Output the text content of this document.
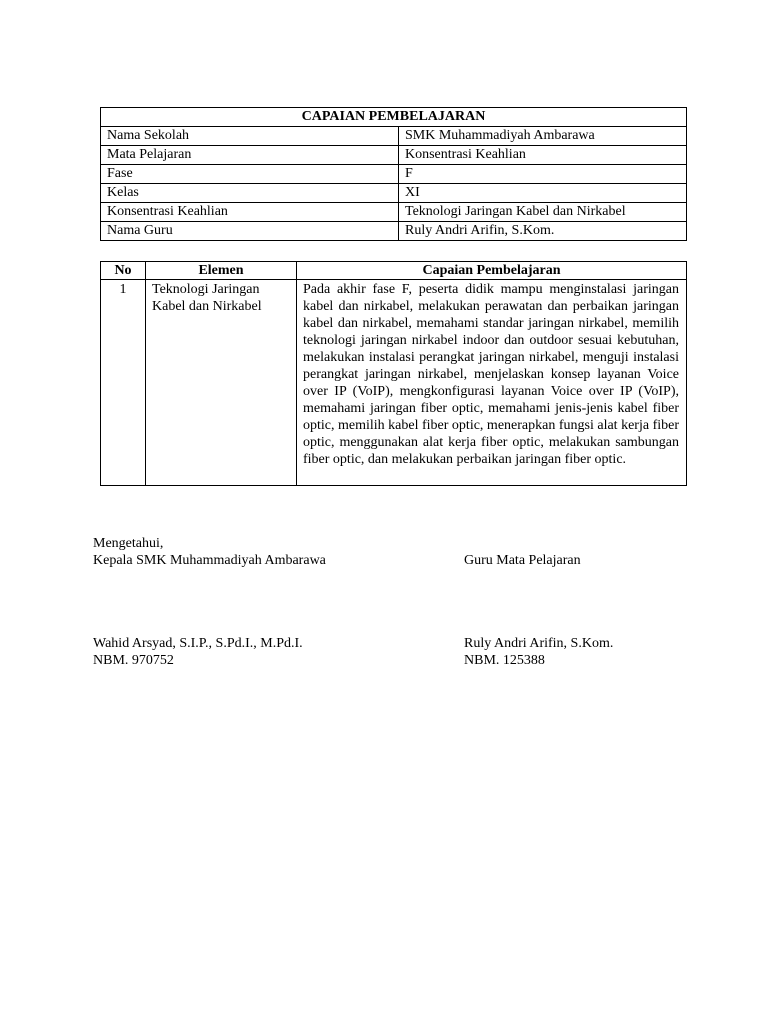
CAPAIAN PEMBELAJARAN	
Nama Sekolah	SMK Muhammadiyah Ambarawa
Mata Pelajaran	Konsentrasi Keahlian
Fase	F
Kelas	XI
Konsentrasi Keahlian	Teknologi Jaringan Kabel dan Nirkabel
Nama Guru	Ruly Andri Arifin, S.Kom.
No	Elemen	Capaian Pembelajaran
1	Teknologi Jaringan Kabel dan Nirkabel	Pada akhir fase F, peserta didik mampu menginstalasi jaringan kabel dan nirkabel, melakukan perawatan dan perbaikan jaringan kabel dan nirkabel, memahami standar jaringan nirkabel, memilih teknologi jaringan nirkabel indoor dan outdoor sesuai kebutuhan, melakukan instalasi perangkat jaringan nirkabel, menguji instalasi perangkat jaringan nirkabel, menjelaskan konsep layanan Voice over IP (VoIP), mengkonfigurasi layanan Voice over IP (VoIP), memahami jaringan fiber optic, memahami jenis-jenis kabel fiber optic, memilih kabel fiber optic, menerapkan fungsi alat kerja fiber optic, menggunakan alat kerja fiber optic, melakukan sambungan fiber optic, dan melakukan perbaikan jaringan fiber optic.
Mengetahui,
Kepala SMK Muhammadiyah Ambarawa
Wahid Arsyad, S.I.P., S.Pd.I., M.Pd.I.
NBM. 970752
Guru Mata Pelajaran
Ruly Andri Arifin, S.Kom.
NBM. 125388
